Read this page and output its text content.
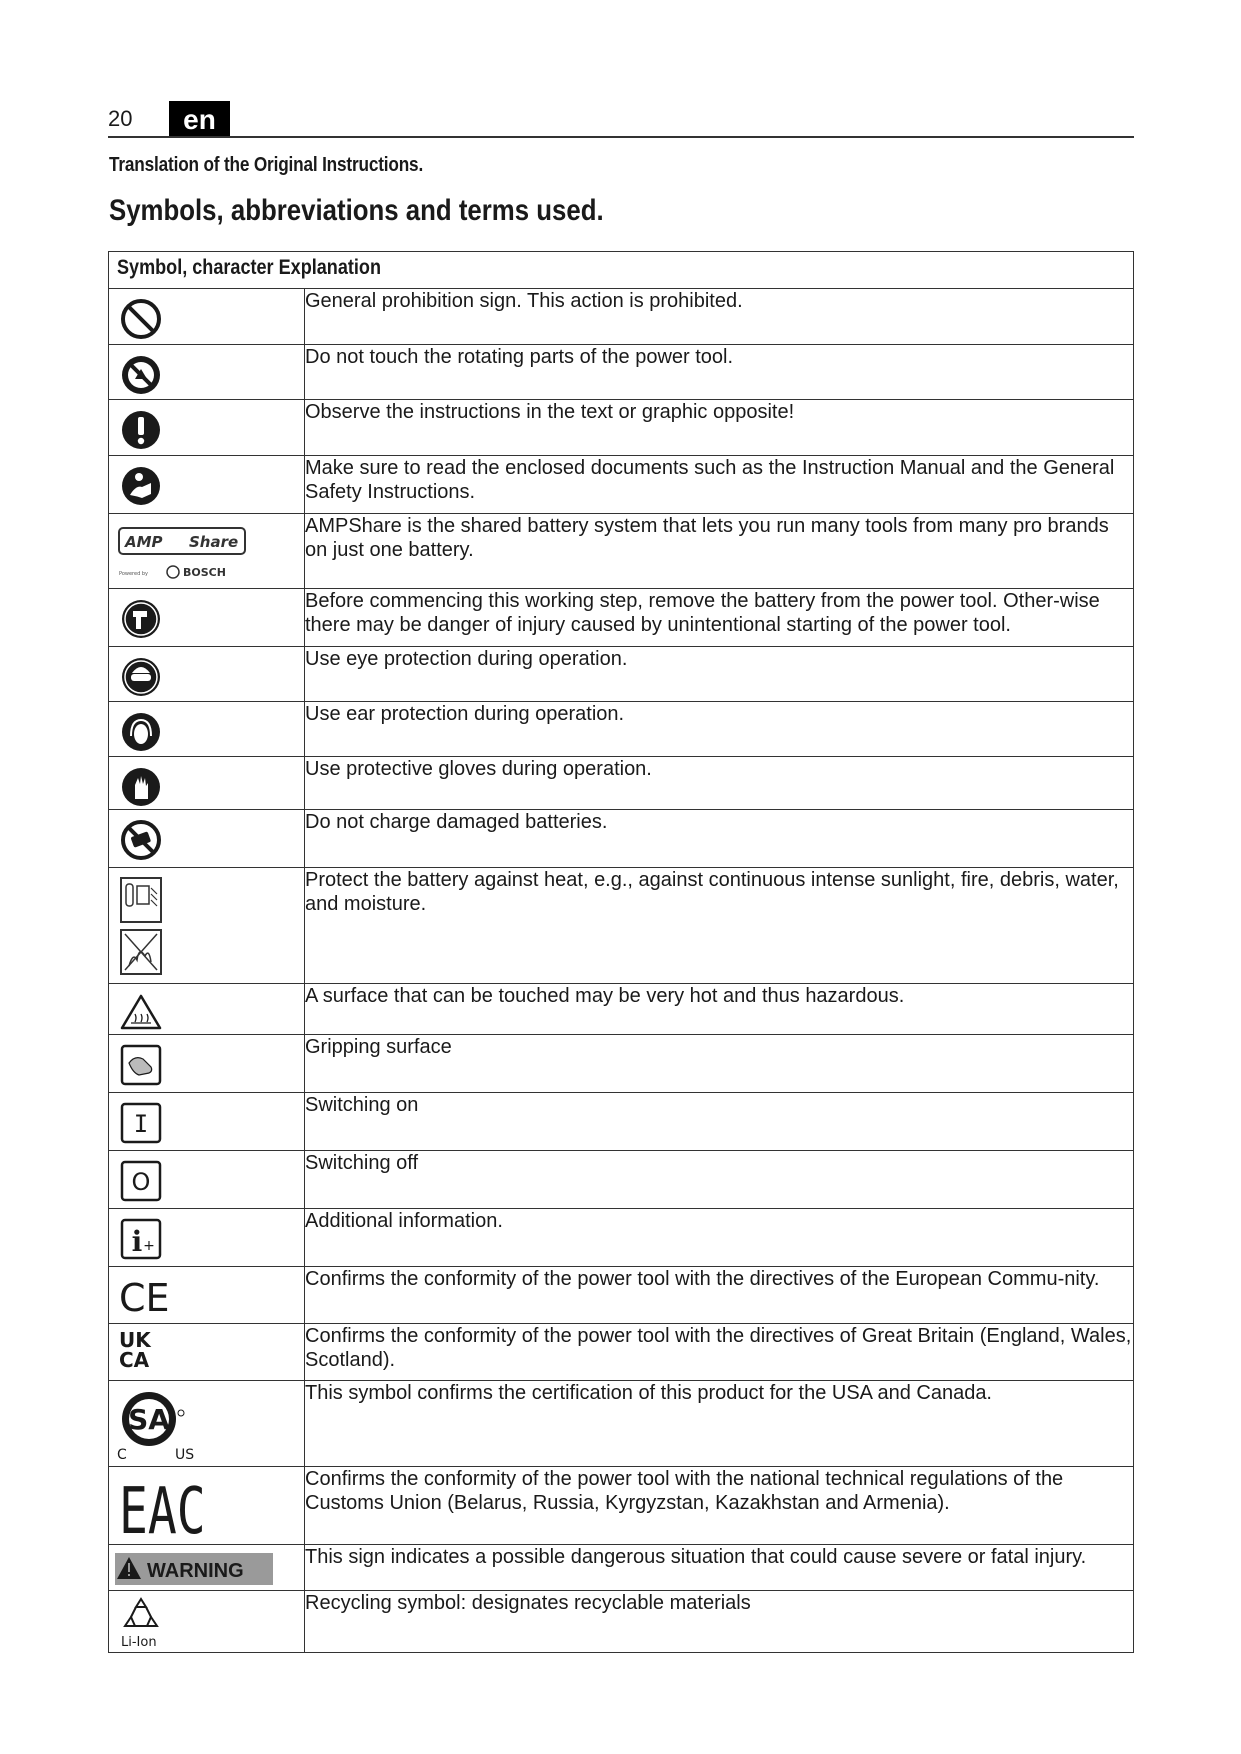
20	en
Translation of the Original Instructions.
Symbols, abbreviations and terms used.
Symbol, character Explanation	

	General prohibition sign. This action is prohibited.

	Do not touch the rotating parts of the power tool.

	Observe the instructions in the text or graphic opposite!

	Make sure to read the enclosed documents such as the Instruction Manual and the General Safety Instructions.

AMP Share
Powered by BOSCH	AMPShare is the shared battery system that lets you run many tools from many pro brands on just one battery.

	Before commencing this working step, remove the battery from the power tool. Other-wise there may be danger of injury caused by unintentional starting of the power tool.

	Use eye protection during operation.

	Use ear protection during operation.

	Use protective gloves during operation.

	Do not charge damaged batteries.

	Protect the battery against heat, e.g., against continuous intense sunlight, fire, debris, water, and moisture.

	A surface that can be touched may be very hot and thus hazardous.

	Gripping surface

I	Switching on

O	Switching off

i +	Additional information.

CE	Confirms the conformity of the power tool with the directives of the European Commu-nity.

UK
CA	Confirms the conformity of the power tool with the directives of Great Britain (England, Wales, Scotland).

SA
C US	This symbol confirms the certification of this product for the USA and Canada.

EAC	Confirms the conformity of the power tool with the national technical regulations of the Customs Union (Belarus, Russia, Kyrgyzstan, Kazakhstan and Armenia).

WARNING	This sign indicates a possible dangerous situation that could cause severe or fatal injury.

Li-Ion	Recycling symbol: designates recyclable materials
